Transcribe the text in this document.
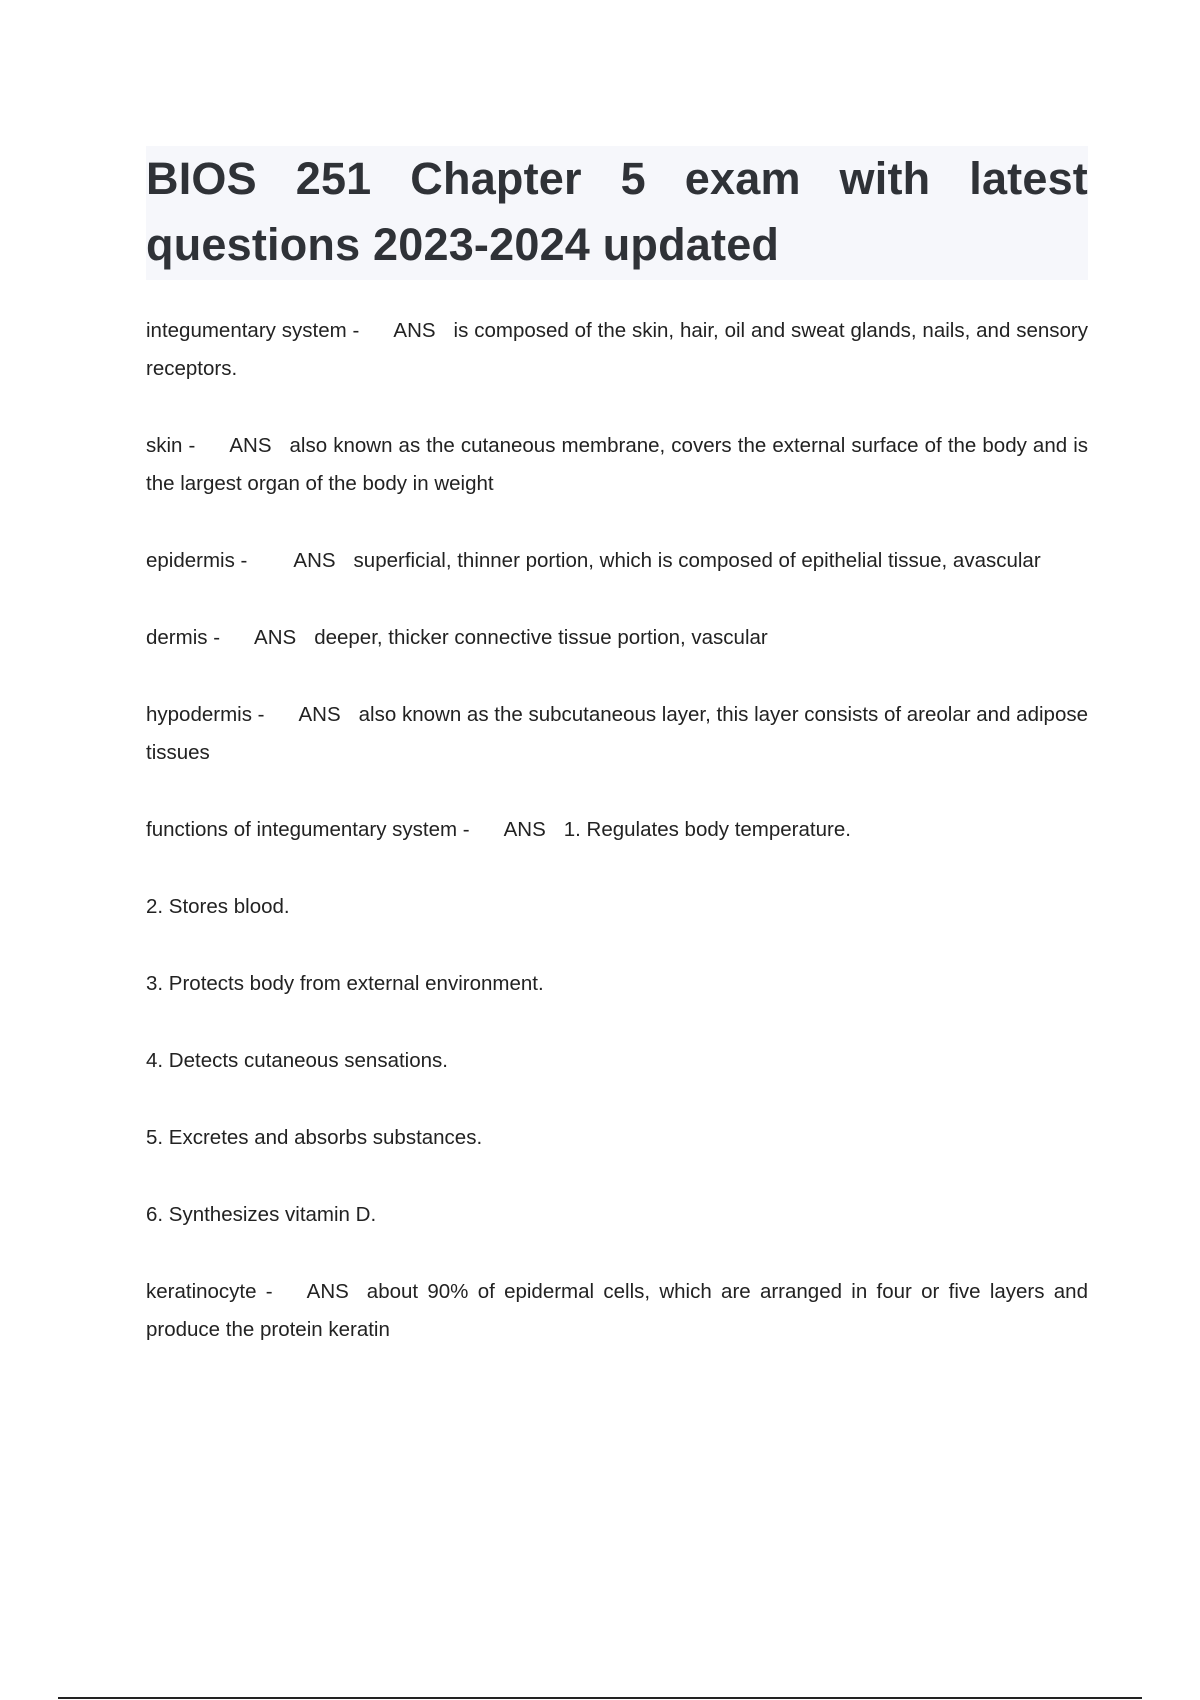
BIOS 251 Chapter 5 exam with latest
questions 2023-2024 updated

integumentary system - ANS is composed of the skin, hair, oil and sweat glands, nails, and sensory receptors.

skin - ANS also known as the cutaneous membrane, covers the external surface of the body and is the largest organ of the body in weight

epidermis - ANS superficial, thinner portion, which is composed of epithelial tissue, avascular

dermis - ANS deeper, thicker connective tissue portion, vascular

hypodermis - ANS also known as the subcutaneous layer, this layer consists of areolar and adipose tissues

functions of integumentary system - ANS 1. Regulates body temperature.

2. Stores blood.

3. Protects body from external environment.

4. Detects cutaneous sensations.

5. Excretes and absorbs substances.

6. Synthesizes vitamin D.

keratinocyte - ANS about 90% of epidermal cells, which are arranged in four or five layers and produce the protein keratin
